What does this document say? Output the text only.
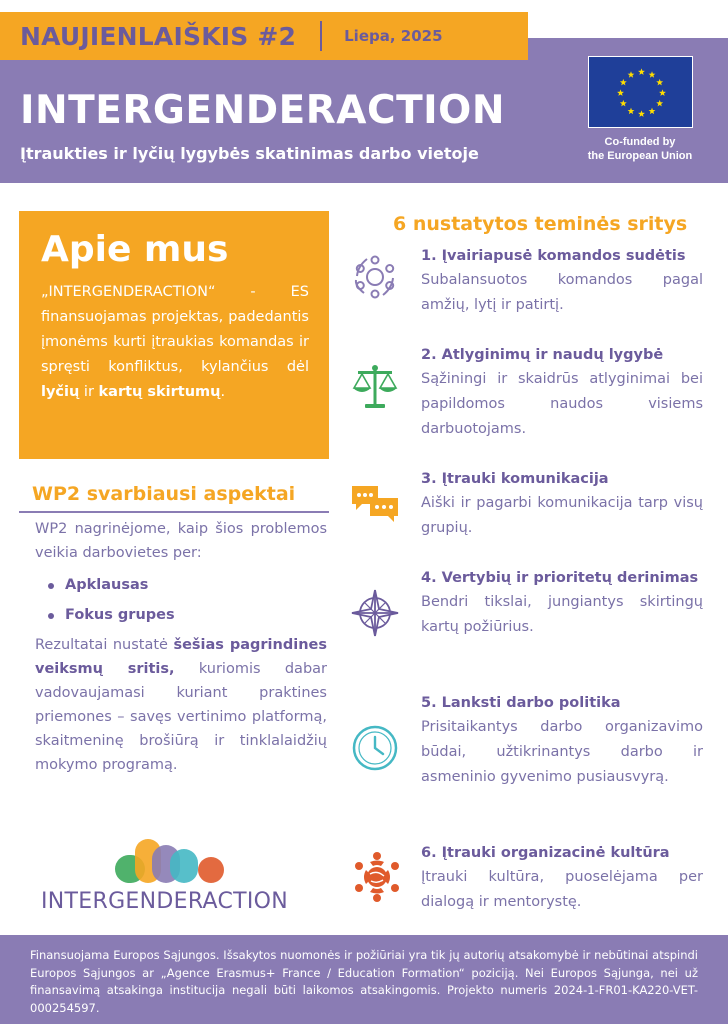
NAUJIENLAIŠKIS #2	Liepa, 2025
INTERGENDERACTION
Įtraukties ir lyčių lygybės skatinimas darbo vietoje
Co-funded by
the European Union
Apie mus
„INTERGENDERACTION“ - ES finansuojamas projektas, padedantis įmonėms kurti įtraukias komandas ir spręsti konfliktus, kylančius dėl lyčių ir kartų skirtumų.
WP2 svarbiausi aspektai
WP2 nagrinėjome, kaip šios problemos veikia darbovietes per:
Apklausas
Fokus grupes
Rezultatai nustatė šešias pagrindines veiksmų sritis, kuriomis dabar vadovaujamasi kuriant praktines priemones – savęs vertinimo platformą, skaitmeninę brošiūrą ir tinklalaidžių mokymo programą.
INTERGENDERACTION
6 nustatytos teminės sritys
1. Įvairiapusė komandos sudėtis
Subalansuotos komandos pagal amžių, lytį ir patirtį.
2. Atlyginimų ir naudų lygybė
Sąžiningi ir skaidrūs atlyginimai bei papildomos naudos visiems darbuotojams.
3. Įtrauki komunikacija
Aiški ir pagarbi komunikacija tarp visų grupių.
4. Vertybių ir prioritetų derinimas
Bendri tikslai, jungiantys skirtingų kartų požiūrius.
5. Lanksti darbo politika
Prisitaikantys darbo organizavimo būdai, užtikrinantys darbo ir asmeninio gyvenimo pusiausvyrą.
6. Įtrauki organizacinė kultūra
Įtrauki kultūra, puoselėjama per dialogą ir mentorystę.
Finansuojama Europos Sąjungos. Išsakytos nuomonės ir požiūriai yra tik jų autorių atsakomybė ir nebūtinai atspindi Europos Sąjungos ar „Agence Erasmus+ France / Education Formation“ poziciją. Nei Europos Sąjunga, nei už finansavimą atsakinga institucija negali būti laikomos atsakingomis. Projekto numeris 2024-1-FR01-KA220-VET-000254597.
